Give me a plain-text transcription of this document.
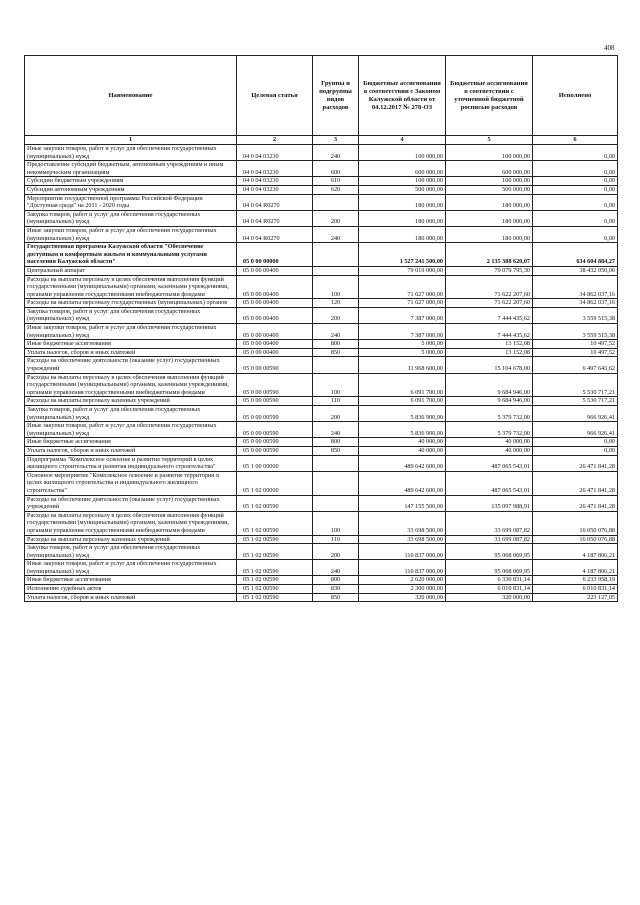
408
Наименование	Целевая статья	Группы и подгруппы видов расходов	Бюджетные ассигнования в соответствии с Законом Калужской области от 04.12.2017 № 278-ОЗ	Бюджетные ассигнования в соответствии с уточненной бюджетной росписью расходов	Исполнено
1	2	3	4	5	6
Иные закупки товаров, работ и услуг для обеспечения государственных (муниципальных) нужд	04 0 04 03230	240	100 000,00	100 000,00	0,00
Предоставление субсидий бюджетным, автономным учреждениям и иным некоммерческим организациям	04 0 04 03230	600	600 000,00	600 000,00	0,00
Субсидии бюджетным учреждениям	04 0 04 03230	610	100 000,00	100 000,00	0,00
Субсидии автономным учреждениям	04 0 04 03230	620	500 000,00	500 000,00	0,00
Мероприятия государственной программы Российской Федерации "Доступная среда" на 2011 - 2020 годы	04 0 04 R0270		180 000,00	180 000,00	0,00
Закупка товаров, работ и услуг для обеспечения государственных (муниципальных) нужд	04 0 04 R0270	200	180 000,00	180 000,00	0,00
Иные закупки товаров, работ и услуг для обеспечения государственных (муниципальных) нужд	04 0 04 R0270	240	180 000,00	180 000,00	0,00
Государственная программа Калужской области "Обеспечение доступным и комфортным жильем и коммунальными услугами населения Калужской области"	05 0 00 00000		1 527 241 500,00	2 135 388 620,07	634 604 884,27
Центральный аппарат	05 0 00 00400		79 019 000,00	79 079 795,30	38 432 050,06
Расходы на выплаты персоналу в целях обеспечения выполнения функций государственными (муниципальными) органами, казенными учреждениями, органами управления государственными внебюджетными фондами	05 0 00 00400	100	71 627 000,00	71 622 207,60	34 862 037,16
Расходы на выплаты персоналу государственных (муниципальных) органов	05 0 00 00400	120	71 627 000,00	71 622 207,60	34 862 037,16
Закупка товаров, работ и услуг для обеспечения государственных (муниципальных) нужд	05 0 00 00400	200	7 387 000,00	7 444 435,62	3 559 515,38
Иные закупки товаров, работ и услуг для обеспечения государственных (муниципальных) нужд	05 0 00 00400	240	7 387 000,00	7 444 435,62	3 559 515,38
Иные бюджетные ассигнования	05 0 00 00400	800	5 000,00	13 152,08	10 497,52
Уплата налогов, сборов и иных платежей	05 0 00 00400	850	5 000,00	13 152,08	10 497,52
Расходы на обеспечение деятельности (оказание услуг) государственных учреждений	05 0 00 00590		11 968 600,00	15 104 678,00	6 497 643,62
Расходы на выплаты персоналу в целях обеспечения выполнения функций государственными (муниципальными) органами, казенными учреждениями, органами управления государственными внебюджетными фондами	05 0 00 00590	100	6 091 700,00	9 684 946,00	5 530 717,21
Расходы на выплаты персоналу казенных учреждений	05 0 00 00590	110	6 091 700,00	9 684 946,00	5 530 717,21
Закупка товаров, работ и услуг для обеспечения государственных (муниципальных) нужд	05 0 00 00590	200	5 836 900,00	5 379 732,00	966 926,41
Иные закупки товаров, работ и услуг для обеспечения государственных (муниципальных) нужд	05 0 00 00590	240	5 836 900,00	5 379 732,00	966 926,41
Иные бюджетные ассигнования	05 0 00 00590	800	40 000,00	40 000,00	0,00
Уплата налогов, сборов и иных платежей	05 0 00 00590	850	40 000,00	40 000,00	0,00
Подпрограмма "Комплексное освоение и развитие территорий в целях жилищного строительства и развития индивидуального строительства"	05 1 00 00000		489 642 600,00	487 065 543,01	26 471 841,28
Основное мероприятие "Комплексное освоение и развитие территории в целях жилищного строительства и индивидуального жилищного строительства"	05 1 02 00000		489 642 600,00	487 065 543,01	26 471 841,28
Расходы на обеспечение деятельности (оказание услуг) государственных учреждений	05 1 02 00590		147 155 500,00	135 097 988,91	26 471 841,28
Расходы на выплаты персоналу в целях обеспечения выполнения функций государственными (муниципальными) органами, казенными учреждениями, органами управления государственными внебюджетными фондами	05 1 02 00590	100	33 698 500,00	33 699 087,82	16 050 076,88
Расходы на выплаты персоналу казенных учреждений	05 1 02 00590	110	33 698 500,00	33 699 087,82	16 050 076,88
Закупка товаров, работ и услуг для обеспечения государственных (муниципальных) нужд	05 1 02 00590	200	110 837 000,00	95 068 069,95	4 187 806,21
Иные закупки товаров, работ и услуг для обеспечения государственных (муниципальных) нужд	05 1 02 00590	240	110 837 000,00	95 068 069,95	4 187 806,21
Иные бюджетные ассигнования	05 1 02 00590	800	2 620 000,00	6 330 831,14	6 233 958,19
Исполнение судебных актов	05 1 02 00590	830	2 300 000,00	6 010 831,14	6 010 831,14
Уплата налогов, сборов и иных платежей	05 1 02 00590	850	320 000,00	320 000,00	223 127,05
